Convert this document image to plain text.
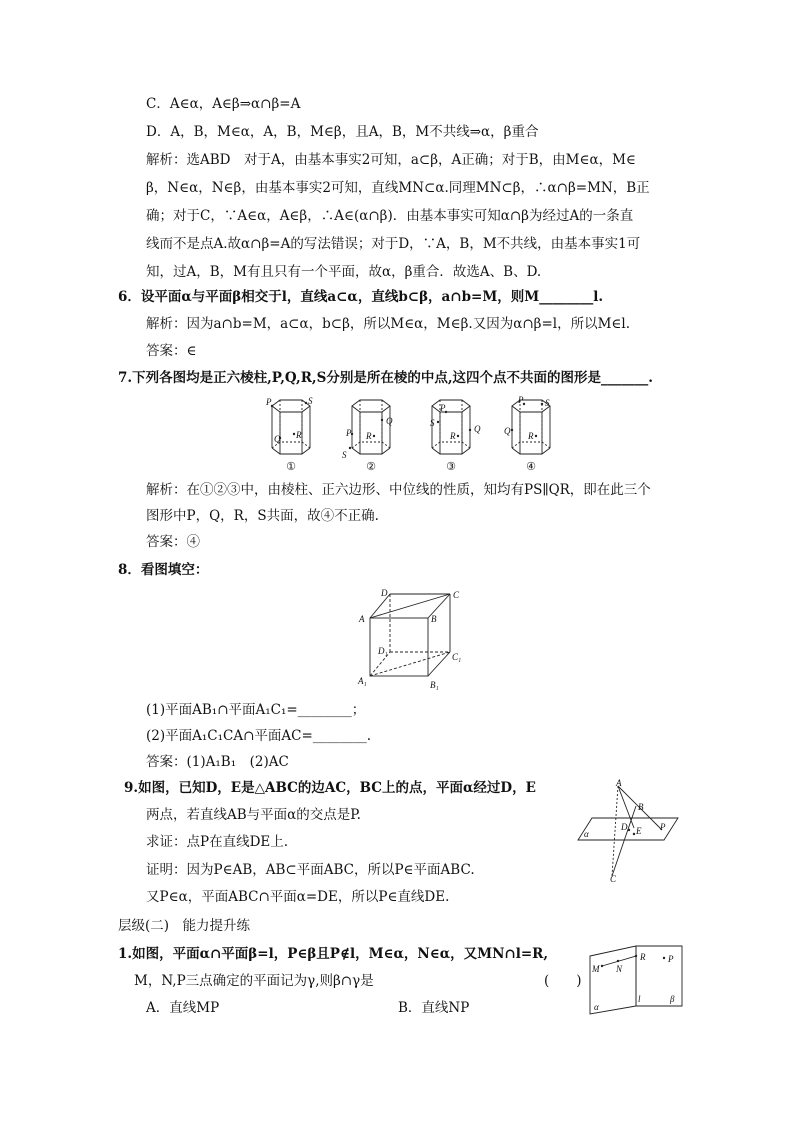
C．A∈α，A∈β⇒α∩β=A
D．A，B，M∈α，A，B，M∈β，且A，B，M不共线⇒α，β重合
解析：选ABD　对于A，由基本事实2可知，a⊂β，A正确；对于B，由M∈α，M∈
β，N∈α，N∈β，由基本事实2可知，直线MN⊂α.同理MN⊂β，∴α∩β=MN，B正
确；对于C，∵A∈α，A∈β，∴A∈(α∩β)．由基本事实可知α∩β为经过A的一条直
线而不是点A.故α∩β=A的写法错误；对于D，∵A，B，M不共线，由基本事实1可
知，过A，B，M有且只有一个平面，故α，β重合．故选A、B、D.
6．设平面α与平面β相交于l，直线a⊂α，直线b⊂β，a∩b=M，则M________l.
解析：因为a∩b=M，a⊂α，b⊂β，所以M∈α，M∈β.又因为α∩β=l，所以M∈l.
答案：∈
7.下列各图均是正六棱柱,P,Q,R,S分别是所在棱的中点,这四个点不共面的图形是_______.
P	S
Q R	P
Q
R
S
P
Q
R
S
P
Q R
S
①	②	③	④
解析：在①②③中，由棱柱、正六边形、中位线的性质，知均有PS∥QR，即在此三个
图形中P，Q，R，S共面，故④不正确.
答案：④
8．看图填空：
D	C
A	B
D₁
C₁
A₁	B₁
(1)平面AB₁∩平面A₁C₁=________；
(2)平面A₁C₁CA∩平面AC=________.
答案：(1)A₁B₁　(2)AC
9.如图，已知D，E是△ABC的边AC，BC上的点，平面α经过D，E
两点，若直线AB与平面α的交点是P.
求证：点P在直线DE上.
证明：因为P∈AB，AB⊂平面ABC，所以P∈平面ABC.
又P∈α，平面ABC∩平面α=DE，所以P∈直线DE.
A
B
P
D E
α
C
层级(二)　能力提升练
1.如图，平面α∩平面β=l，P∈β且P∉l，M∈α，N∈α，又MN∩l=R,
M，N,P三点确定的平面记为γ,则β∩γ是	(　　)
A．直线MP	B．直线NP
M N
R	P
α
l	β
